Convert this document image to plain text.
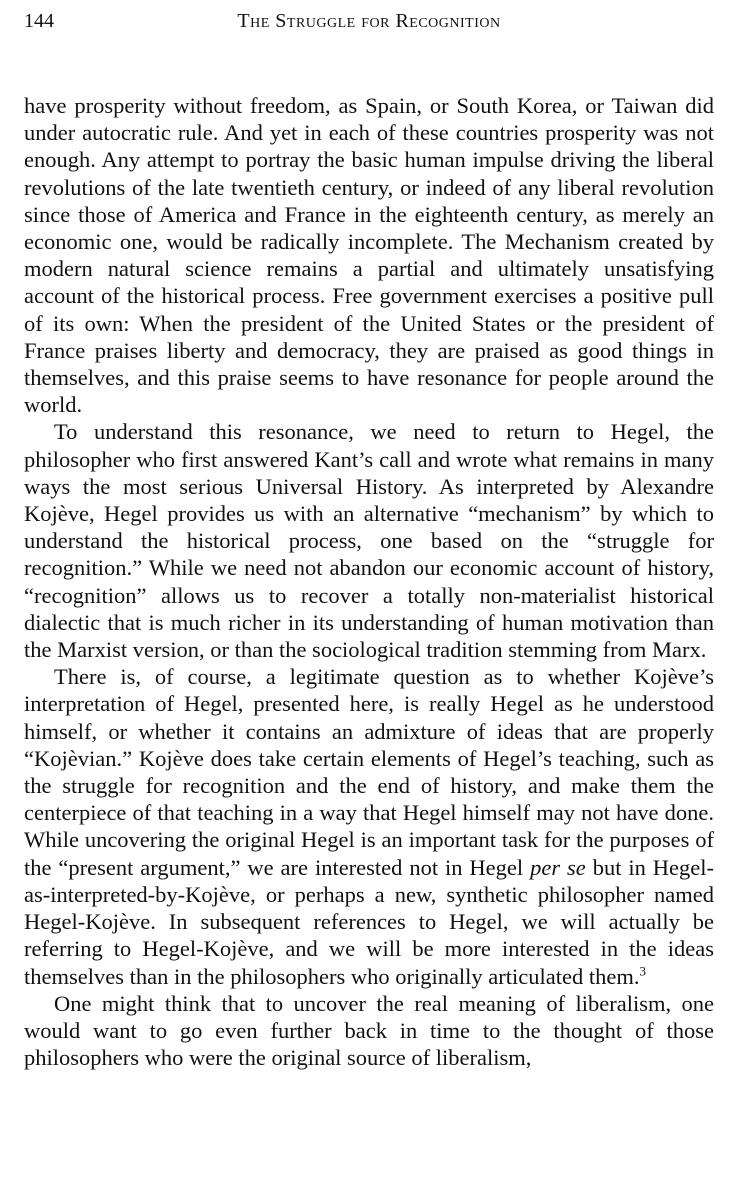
144	The Struggle for Recognition

have prosperity without freedom, as Spain, or South Korea, or Taiwan did under autocratic rule. And yet in each of these countries prosperity was not enough. Any attempt to portray the basic human impulse driving the liberal revolutions of the late twentieth century, or indeed of any liberal revolution since those of America and France in the eighteenth century, as merely an economic one, would be radically incomplete. The Mechanism created by modern natural science remains a partial and ultimately unsatisfying account of the historical process. Free government exercises a positive pull of its own: When the president of the United States or the president of France praises liberty and democracy, they are praised as good things in themselves, and this praise seems to have resonance for people around the world.

To understand this resonance, we need to return to Hegel, the philosopher who first answered Kant’s call and wrote what remains in many ways the most serious Universal History. As interpreted by Alexandre Kojève, Hegel provides us with an alternative “mechanism” by which to understand the historical process, one based on the “struggle for recognition.” While we need not abandon our economic account of history, “recognition” allows us to recover a totally non-materialist historical dialectic that is much richer in its understanding of human motivation than the Marxist version, or than the sociological tradition stemming from Marx.

There is, of course, a legitimate question as to whether Kojève’s interpretation of Hegel, presented here, is really Hegel as he understood himself, or whether it contains an admixture of ideas that are properly “Kojèvian.” Kojève does take certain elements of Hegel’s teaching, such as the struggle for recognition and the end of history, and make them the centerpiece of that teaching in a way that Hegel himself may not have done. While uncovering the original Hegel is an important task for the purposes of the “present argument,” we are interested not in Hegel per se but in Hegel-as-interpreted-by-Kojève, or perhaps a new, synthetic philosopher named Hegel-Kojève. In subsequent references to Hegel, we will actually be referring to Hegel-Kojève, and we will be more interested in the ideas themselves than in the philosophers who originally articulated them.$^3$

One might think that to uncover the real meaning of liberalism, one would want to go even further back in time to the thought of those philosophers who were the original source of liberalism,
